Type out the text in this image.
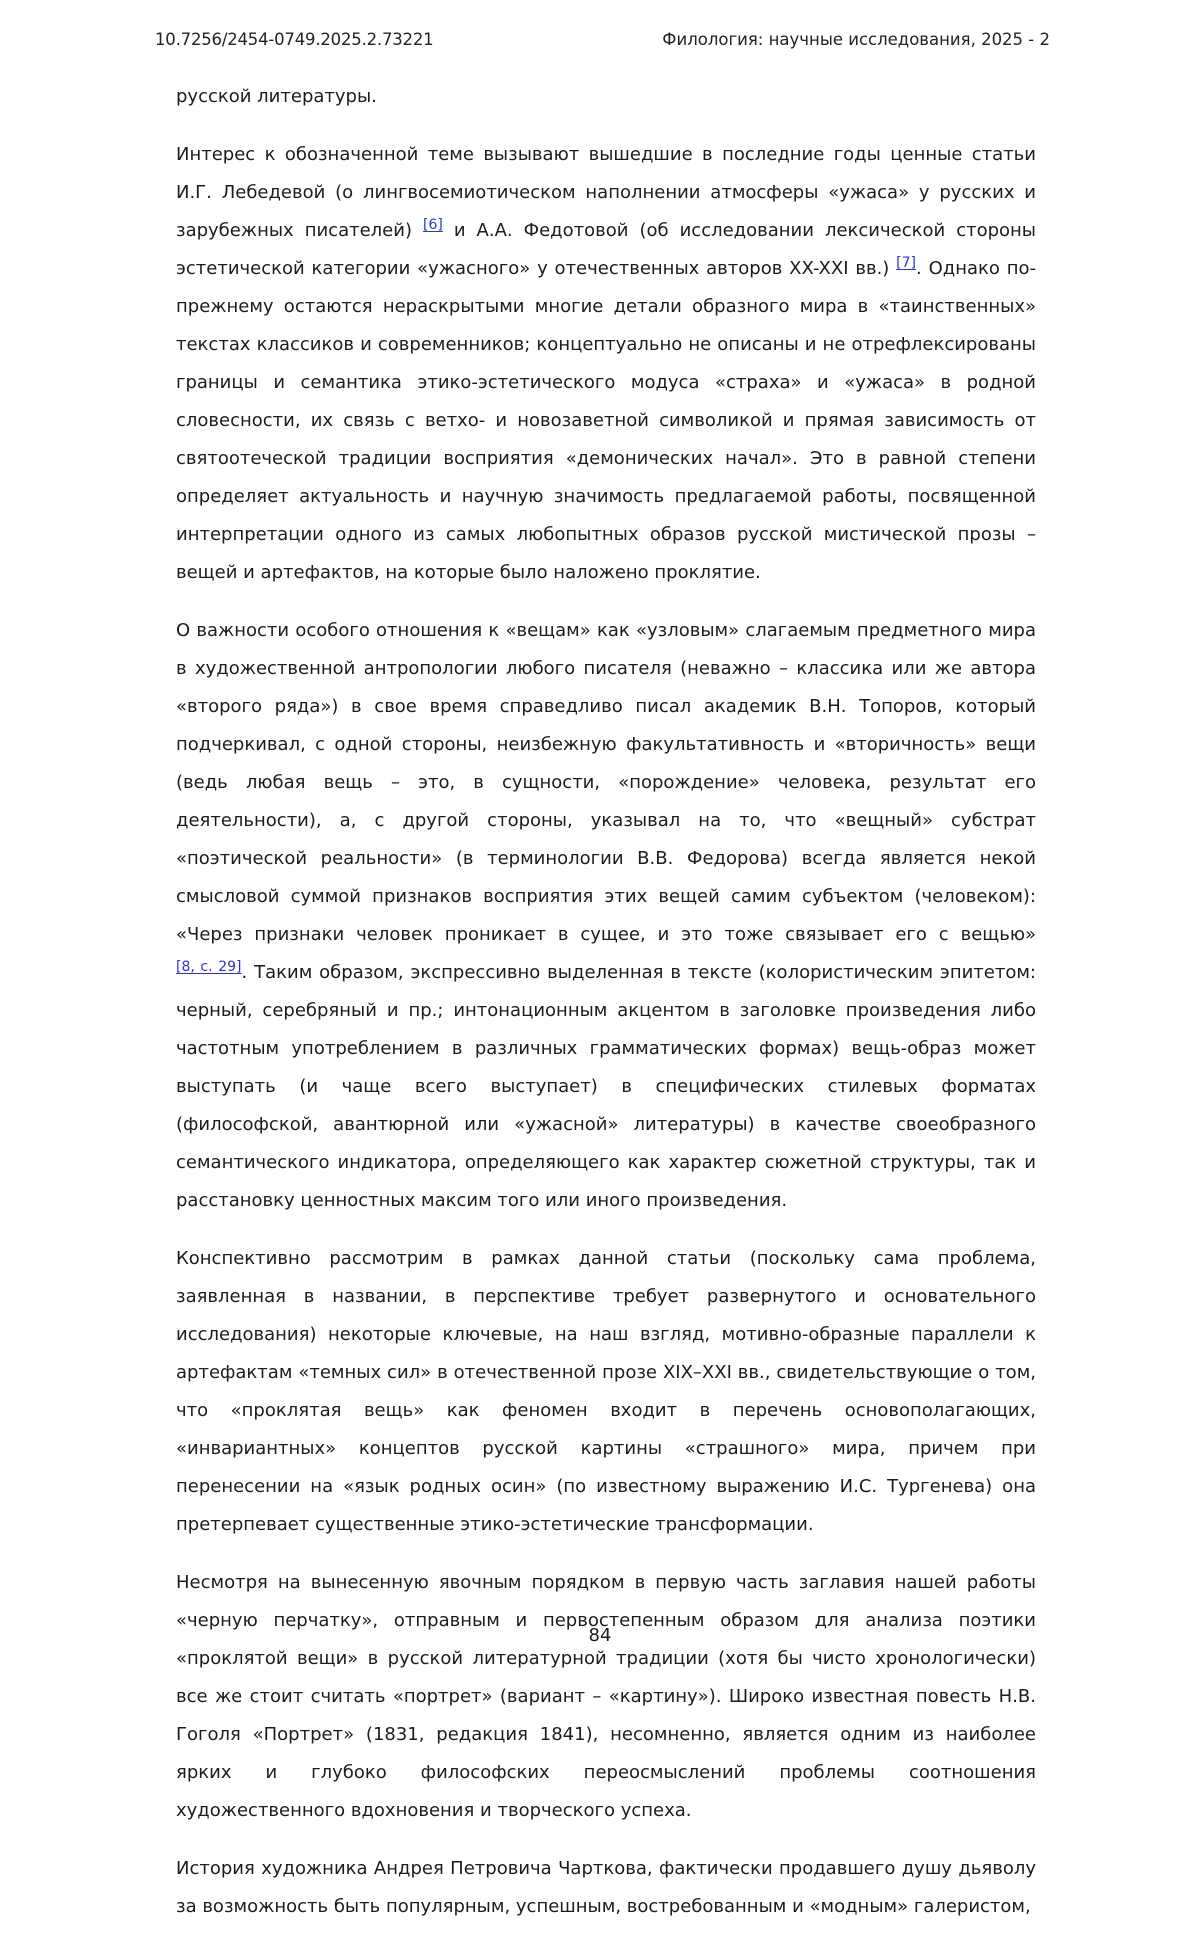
10.7256/2454-0749.2025.2.73221	Филология: научные исследования, 2025 - 2

русской литературы.

Интерес к обозначенной теме вызывают вышедшие в последние годы ценные статьи И.Г. Лебедевой (о лингвосемиотическом наполнении атмосферы «ужаса» у русских и зарубежных писателей) [6] и А.А. Федотовой (об исследовании лексической стороны эстетической категории «ужасного» у отечественных авторов XX-XXI вв.) [7]. Однако по-прежнему остаются нераскрытыми многие детали образного мира в «таинственных» текстах классиков и современников; концептуально не описаны и не отрефлексированы границы и семантика этико-эстетического модуса «страха» и «ужаса» в родной словесности, их связь с ветхо- и новозаветной символикой и прямая зависимость от святоотеческой традиции восприятия «демонических начал». Это в равной степени определяет актуальность и научную значимость предлагаемой работы, посвященной интерпретации одного из самых любопытных образов русской мистической прозы – вещей и артефактов, на которые было наложено проклятие.

О важности особого отношения к «вещам» как «узловым» слагаемым предметного мира в художественной антропологии любого писателя (неважно – классика или же автора «второго ряда») в свое время справедливо писал академик В.Н. Топоров, который подчеркивал, с одной стороны, неизбежную факультативность и «вторичность» вещи (ведь любая вещь – это, в сущности, «порождение» человека, результат его деятельности), а, с другой стороны, указывал на то, что «вещный» субстрат «поэтической реальности» (в терминологии В.В. Федорова) всегда является некой смысловой суммой признаков восприятия этих вещей самим субъектом (человеком): «Через признаки человек проникает в сущее, и это тоже связывает его с вещью» [8, с. 29]. Таким образом, экспрессивно выделенная в тексте (колористическим эпитетом: черный, серебряный и пр.; интонационным акцентом в заголовке произведения либо частотным употреблением в различных грамматических формах) вещь-образ может выступать (и чаще всего выступает) в специфических стилевых форматах (философской, авантюрной или «ужасной» литературы) в качестве своеобразного семантического индикатора, определяющего как характер сюжетной структуры, так и расстановку ценностных максим того или иного произведения.

Конспективно рассмотрим в рамках данной статьи (поскольку сама проблема, заявленная в названии, в перспективе требует развернутого и основательного исследования) некоторые ключевые, на наш взгляд, мотивно-образные параллели к артефактам «темных сил» в отечественной прозе XIX–XXI вв., свидетельствующие о том, что «проклятая вещь» как феномен входит в перечень основополагающих, «инвариантных» концептов русской картины «страшного» мира, причем при перенесении на «язык родных осин» (по известному выражению И.С. Тургенева) она претерпевает существенные этико-эстетические трансформации.

Несмотря на вынесенную явочным порядком в первую часть заглавия нашей работы «черную перчатку», отправным и первостепенным образом для анализа поэтики «проклятой вещи» в русской литературной традиции (хотя бы чисто хронологически) все же стоит считать «портрет» (вариант – «картину»). Широко известная повесть Н.В. Гоголя «Портрет» (1831, редакция 1841), несомненно, является одним из наиболее ярких и глубоко философских переосмыслений проблемы соотношения художественного вдохновения и творческого успеха.

История художника Андрея Петровича Чарткова, фактически продавшего душу дьяволу за возможность быть популярным, успешным, востребованным и «модным» галеристом,

84
